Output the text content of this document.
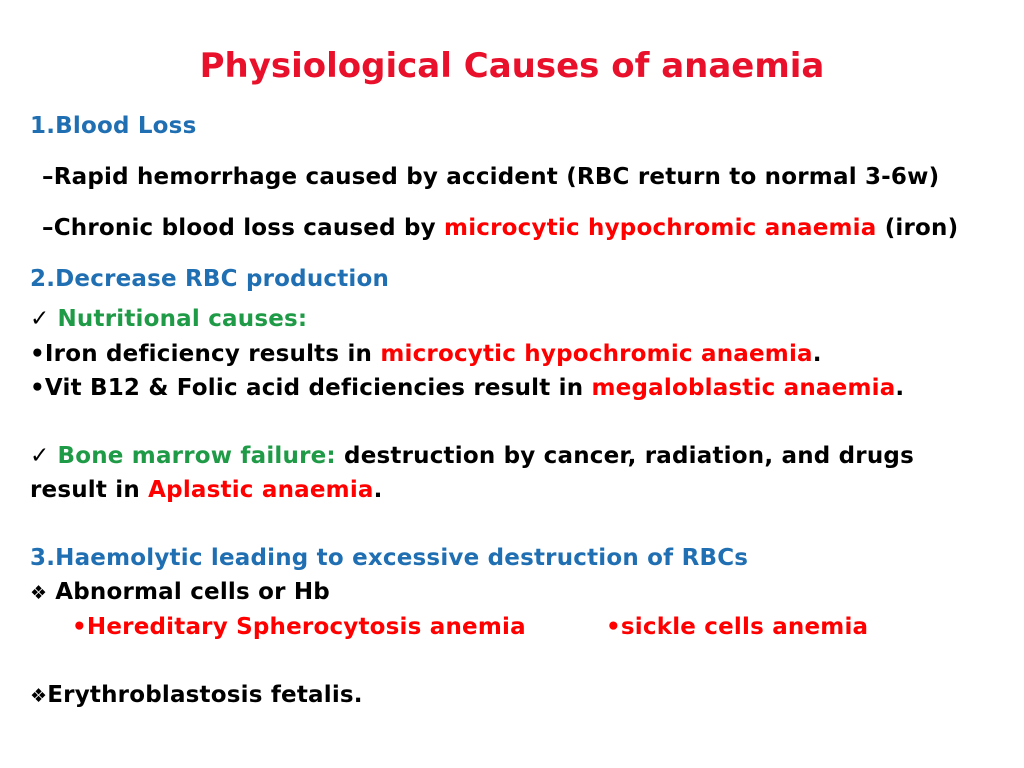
Physiological Causes of anaemia
1.Blood Loss
–Rapid hemorrhage caused by accident (RBC return to normal 3-6w)
–Chronic blood loss caused by microcytic hypochromic anaemia (iron)
2.Decrease RBC production
✓ Nutritional causes:
•Iron deficiency results in microcytic hypochromic anaemia.
•Vit B12 & Folic acid deficiencies result in megaloblastic anaemia.
✓ Bone marrow failure: destruction by cancer, radiation, and drugs
result in Aplastic anaemia.
3.Haemolytic leading to excessive destruction of RBCs
❖ Abnormal cells or Hb
•Hereditary Spherocytosis anemia	•sickle cells anemia
❖Erythroblastosis fetalis.
